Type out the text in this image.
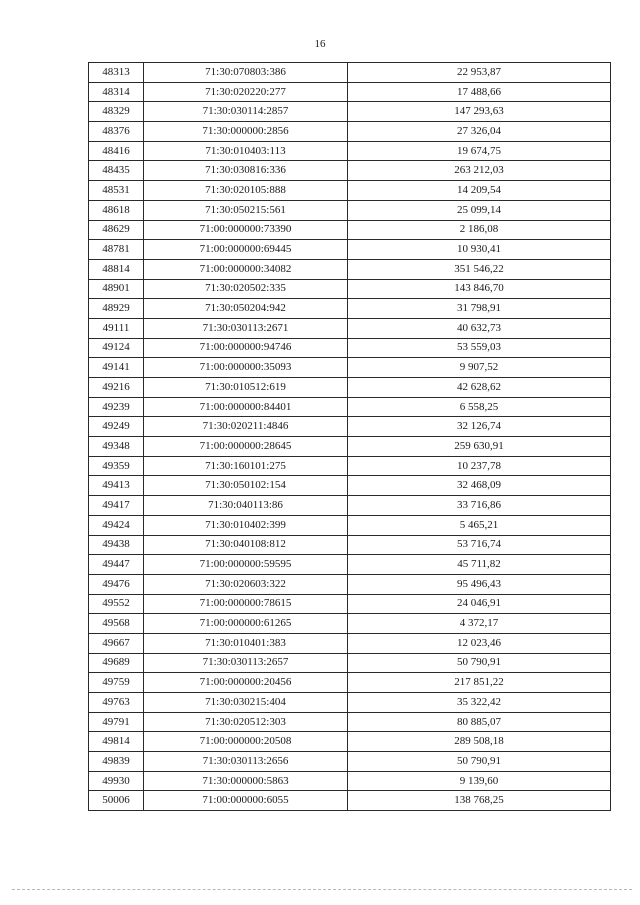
16
48313	71:30:070803:386	22 953,87
48314	71:30:020220:277	17 488,66
48329	71:30:030114:2857	147 293,63
48376	71:30:000000:2856	27 326,04
48416	71:30:010403:113	19 674,75
48435	71:30:030816:336	263 212,03
48531	71:30:020105:888	14 209,54
48618	71:30:050215:561	25 099,14
48629	71:00:000000:73390	2 186,08
48781	71:00:000000:69445	10 930,41
48814	71:00:000000:34082	351 546,22
48901	71:30:020502:335	143 846,70
48929	71:30:050204:942	31 798,91
49111	71:30:030113:2671	40 632,73
49124	71:00:000000:94746	53 559,03
49141	71:00:000000:35093	9 907,52
49216	71:30:010512:619	42 628,62
49239	71:00:000000:84401	6 558,25
49249	71:30:020211:4846	32 126,74
49348	71:00:000000:28645	259 630,91
49359	71:30:160101:275	10 237,78
49413	71:30:050102:154	32 468,09
49417	71:30:040113:86	33 716,86
49424	71:30:010402:399	5 465,21
49438	71:30:040108:812	53 716,74
49447	71:00:000000:59595	45 711,82
49476	71:30:020603:322	95 496,43
49552	71:00:000000:78615	24 046,91
49568	71:00:000000:61265	4 372,17
49667	71:30:010401:383	12 023,46
49689	71:30:030113:2657	50 790,91
49759	71:00:000000:20456	217 851,22
49763	71:30:030215:404	35 322,42
49791	71:30:020512:303	80 885,07
49814	71:00:000000:20508	289 508,18
49839	71:30:030113:2656	50 790,91
49930	71:30:000000:5863	9 139,60
50006	71:00:000000:6055	138 768,25
